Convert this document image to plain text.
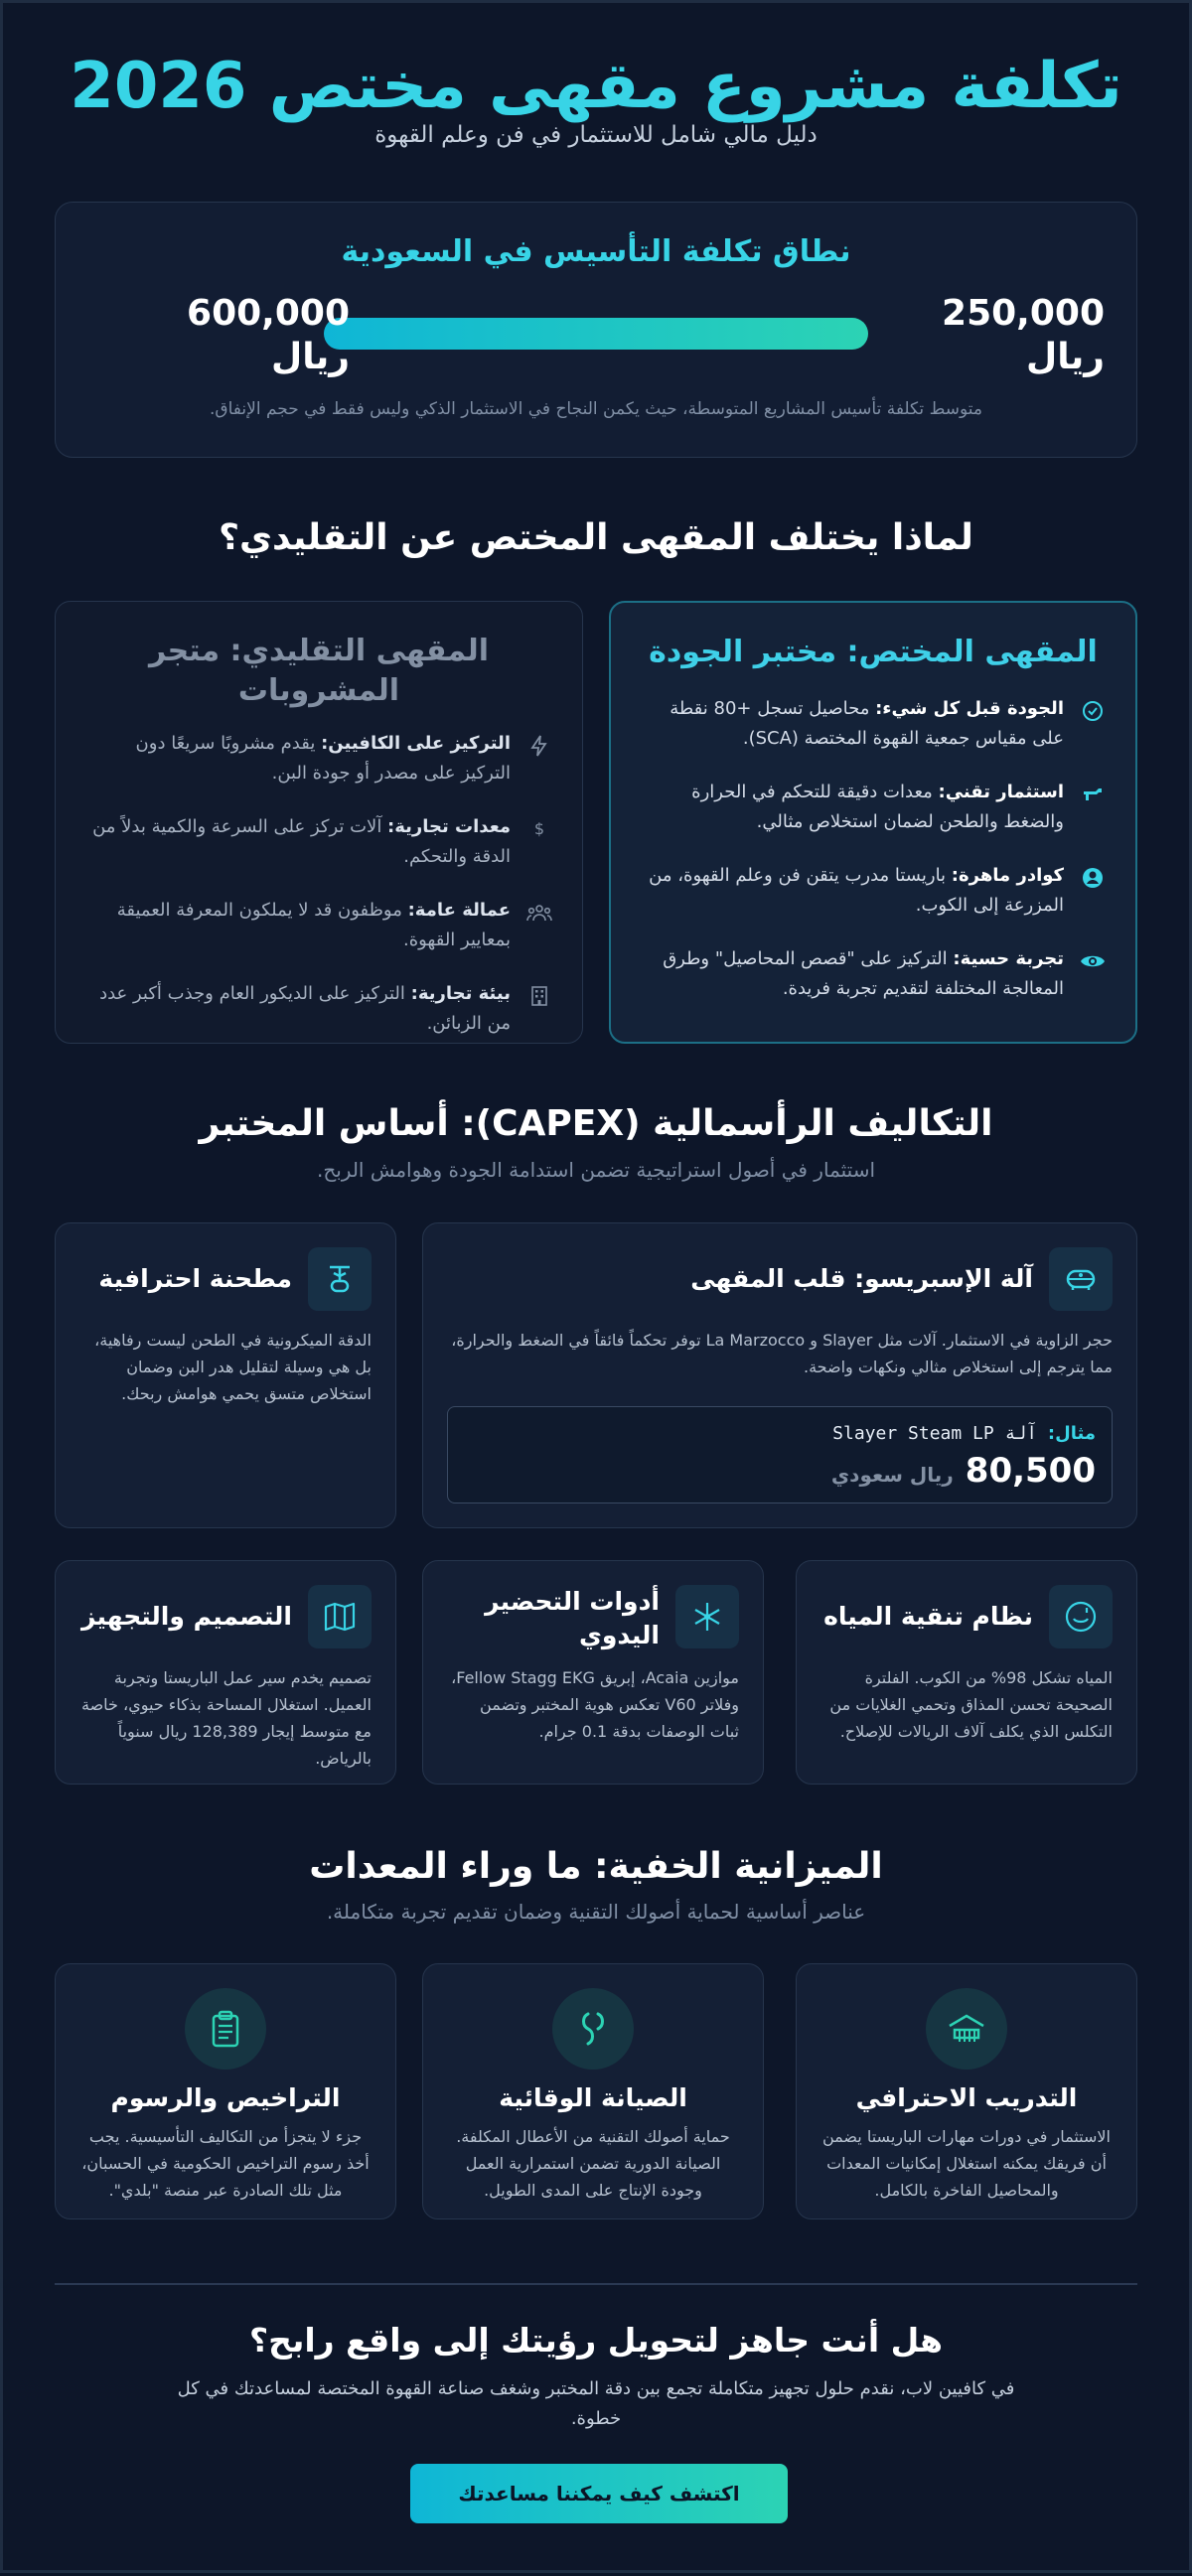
تكلفة مشروع مقهى مختص 2026
دليل مالي شامل للاستثمار في فن وعلم القهوة
نطاق تكلفة التأسيس في السعودية
250,000 ريال
600,000 ريال
متوسط تكلفة تأسيس المشاريع المتوسطة، حيث يكمن النجاح في الاستثمار الذكي وليس فقط في حجم الإنفاق.
لماذا يختلف المقهى المختص عن التقليدي؟
المقهى المختص: مختبر الجودة
الجودة قبل كل شيء: محاصيل تسجل +80 نقطة على مقياس جمعية القهوة المختصة (SCA).
استثمار تقني: معدات دقيقة للتحكم في الحرارة والضغط والطحن لضمان استخلاص مثالي.
كوادر ماهرة: باريستا مدرب يتقن فن وعلم القهوة، من المزرعة إلى الكوب.
تجربة حسية: التركيز على "قصص المحاصيل" وطرق المعالجة المختلفة لتقديم تجربة فريدة.
المقهى التقليدي: متجر المشروبات
التركيز على الكافيين: يقدم مشروبًا سريعًا دون التركيز على مصدر أو جودة البن.
$
معدات تجارية: آلات تركز على السرعة والكمية بدلاً من الدقة والتحكم.
عمالة عامة: موظفون قد لا يملكون المعرفة العميقة بمعايير القهوة.
بيئة تجارية: التركيز على الديكور العام وجذب أكبر عدد من الزبائن.
التكاليف الرأسمالية (CAPEX): أساس المختبر
استثمار في أصول استراتيجية تضمن استدامة الجودة وهوامش الربح.
آلة الإسبريسو: قلب المقهى
حجر الزاوية في الاستثمار. آلات مثل Slayer و La Marzocco توفر تحكماً فائقاً في الضغط والحرارة، مما يترجم إلى استخلاص مثالي ونكهات واضحة.
مثال: آلة Slayer Steam LP
80,500
ريال سعودي
مطحنة احترافية
الدقة الميكرونية في الطحن ليست رفاهية، بل هي وسيلة لتقليل هدر البن وضمان استخلاص متسق يحمي هوامش ربحك.
نظام تنقية المياه
المياه تشكل 98% من الكوب. الفلترة الصحيحة تحسن المذاق وتحمي الغلايات من التكلس الذي يكلف آلاف الريالات للإصلاح.
أدوات التحضير اليدوي
موازين Acaia، إبريق Fellow Stagg EKG، وفلاتر V60 تعكس هوية المختبر وتضمن ثبات الوصفات بدقة 0.1 جرام.
التصميم والتجهيز
تصميم يخدم سير عمل الباريستا وتجربة العميل. استغلال المساحة بذكاء حيوي، خاصة مع متوسط إيجار 128,389 ريال سنوياً بالرياض.
الميزانية الخفية: ما وراء المعدات
عناصر أساسية لحماية أصولك التقنية وضمان تقديم تجربة متكاملة.
التدريب الاحترافي
الاستثمار في دورات مهارات الباريستا يضمن أن فريقك يمكنه استغلال إمكانيات المعدات والمحاصيل الفاخرة بالكامل.
الصيانة الوقائية
حماية أصولك التقنية من الأعطال المكلفة. الصيانة الدورية تضمن استمرارية العمل وجودة الإنتاج على المدى الطويل.
التراخيص والرسوم
جزء لا يتجزأ من التكاليف التأسيسية. يجب أخذ رسوم التراخيص الحكومية في الحسبان، مثل تلك الصادرة عبر منصة "بلدي".
هل أنت جاهز لتحويل رؤيتك إلى واقع رابح؟
في كافيين لاب، نقدم حلول تجهيز متكاملة تجمع بين دقة المختبر وشغف صناعة القهوة المختصة لمساعدتك في كل خطوة.
اكتشف كيف يمكننا مساعدتك
